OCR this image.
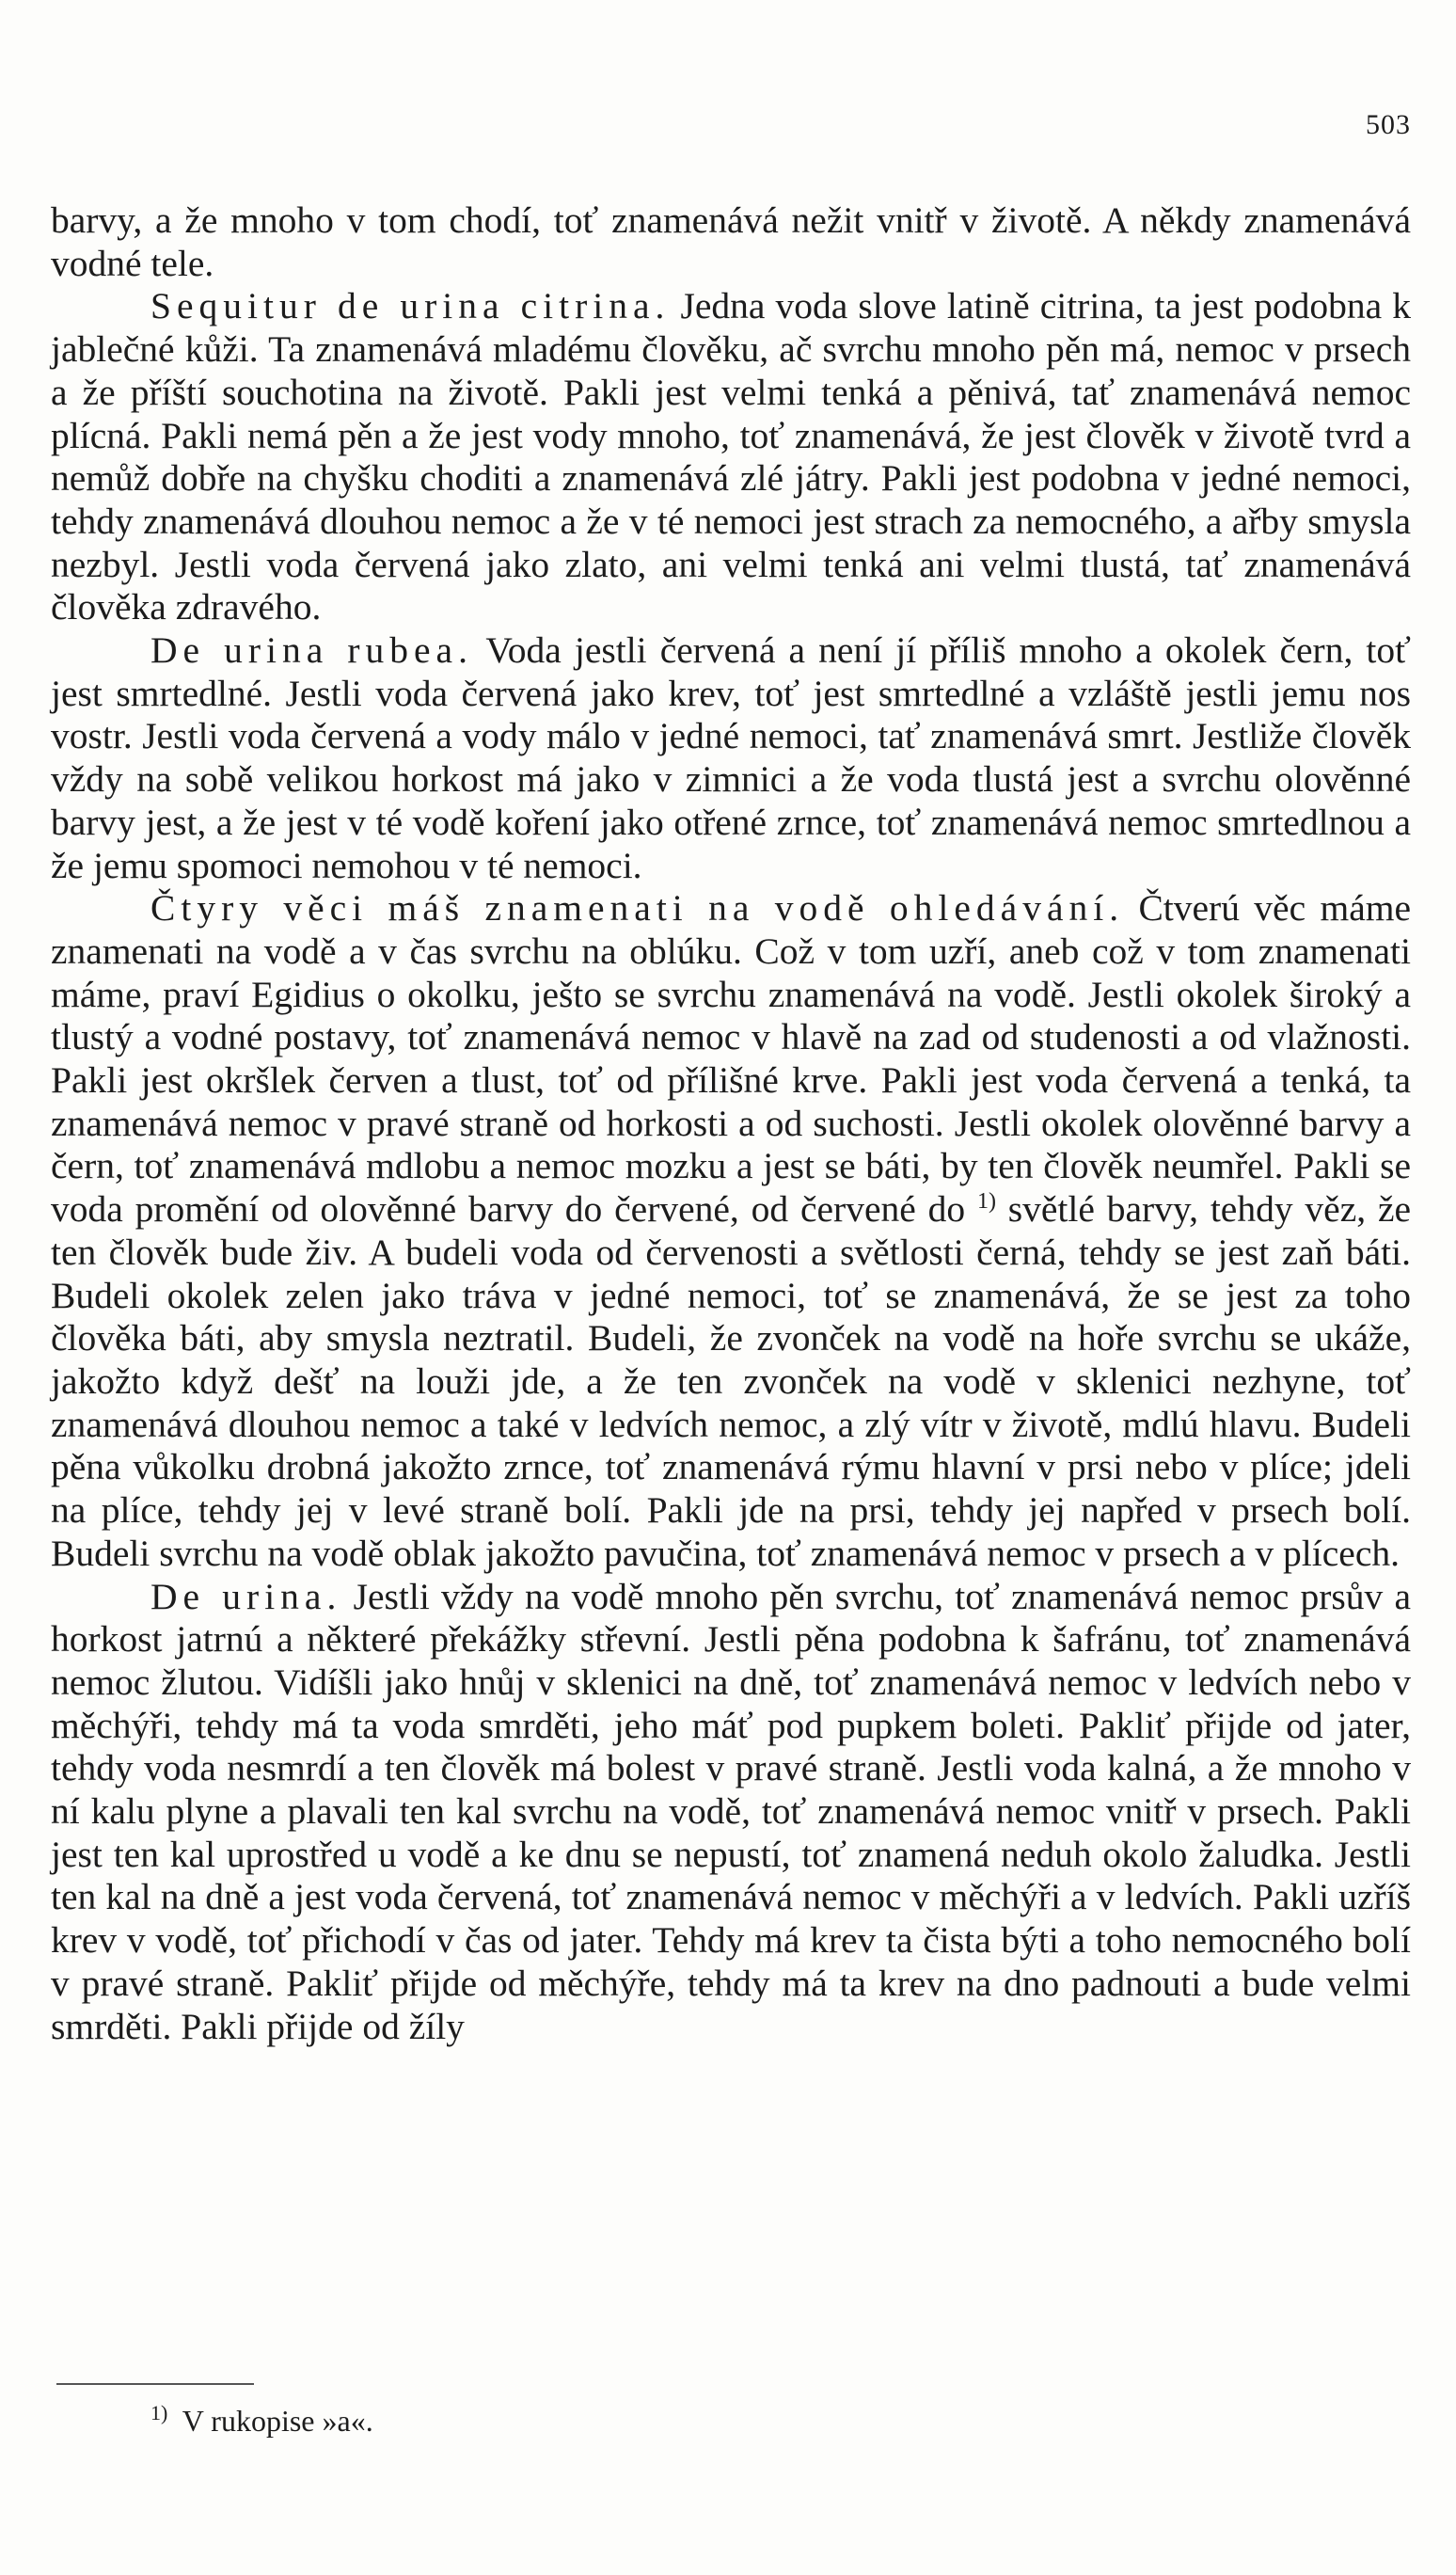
503

barvy, a že mnoho v tom chodí, toť znamenává nežit vnitř v životě. A někdy znamenává vodné tele.

Sequitur de urina citrina. Jedna voda slove latině citrina, ta jest podobna k jablečné kůži. Ta znamenává mladému člověku, ač svrchu mnoho pěn má, nemoc v prsech a že příští souchotina na životě. Pakli jest velmi tenká a pěnivá, tať znamenává nemoc plícná. Pakli nemá pěn a že jest vody mnoho, toť znamenává, že jest člověk v životě tvrd a nemůž dobře na chyšku choditi a znamenává zlé játry. Pakli jest podobna v jedné nemoci, tehdy znamenává dlouhou nemoc a že v té nemoci jest strach za nemocného, a ařby smysla nezbyl. Jestli voda červená jako zlato, ani velmi tenká ani velmi tlustá, tať znamenává člověka zdravého.

De urina rubea. Voda jestli červená a není jí příliš mnoho a okolek čern, toť jest smrtedlné. Jestli voda červená jako krev, toť jest smrtedlné a vzláště jestli jemu nos vostr. Jestli voda červená a vody málo v jedné nemoci, tať znamenává smrt. Jestliže člověk vždy na sobě velikou horkost má jako v zimnici a že voda tlustá jest a svrchu olověnné barvy jest, a že jest v té vodě koření jako otřené zrnce, toť znamenává nemoc smrtedlnou a že jemu spomoci nemohou v té nemoci.

Čtyry věci máš znamenati na vodě ohledávání. Čtverú věc máme znamenati na vodě a v čas svrchu na oblúku. Což v tom uzří, aneb což v tom znamenati máme, praví Egidius o okolku, ješto se svrchu znamenává na vodě. Jestli okolek široký a tlustý a vodné postavy, toť znamenává nemoc v hlavě na zad od studenosti a od vlažnosti. Pakli jest okršlek červen a tlust, toť od přílišné krve. Pakli jest voda červená a tenká, ta znamenává nemoc v pravé straně od horkosti a od suchosti. Jestli okolek olověnné barvy a čern, toť znamenává mdlobu a nemoc mozku a jest se báti, by ten člověk neumřel. Pakli se voda promění od olověnné barvy do červené, od červené do $^{1)}$ světlé barvy, tehdy věz, že ten člověk bude živ. A budeli voda od červenosti a světlosti černá, tehdy se jest zaň báti. Budeli okolek zelen jako tráva v jedné nemoci, toť se znamenává, že se jest za toho člověka báti, aby smysla neztratil. Budeli, že zvonček na vodě na hoře svrchu se ukáže, jakožto když dešť na louži jde, a že ten zvonček na vodě v sklenici nezhyne, toť znamenává dlouhou nemoc a také v ledvích nemoc, a zlý vítr v životě, mdlú hlavu. Budeli pěna vůkolku drobná jakožto zrnce, toť znamenává rýmu hlavní v prsi nebo v plíce; jdeli na plíce, tehdy jej v levé straně bolí. Pakli jde na prsi, tehdy jej napřed v prsech bolí. Budeli svrchu na vodě oblak jakožto pavučina, toť znamenává nemoc v prsech a v plícech.

De urina. Jestli vždy na vodě mnoho pěn svrchu, toť znamenává nemoc prsův a horkost jatrnú a některé překážky střevní. Jestli pěna podobna k šafránu, toť znamenává nemoc žlutou. Vidíšli jako hnůj v sklenici na dně, toť znamenává nemoc v ledvích nebo v měchýři, tehdy má ta voda smrděti, jeho máť pod pupkem boleti. Pakliť přijde od jater, tehdy voda nesmrdí a ten člověk má bolest v pravé straně. Jestli voda kalná, a že mnoho v ní kalu plyne a plavali ten kal svrchu na vodě, toť znamenává nemoc vnitř v prsech. Pakli jest ten kal uprostřed u vodě a ke dnu se nepustí, toť znamená neduh okolo žaludka. Jestli ten kal na dně a jest voda červená, toť znamenává nemoc v měchýři a v ledvích. Pakli uzříš krev v vodě, toť přichodí v čas od jater. Tehdy má krev ta čista býti a toho nemocného bolí v pravé straně. Pakliť přijde od měchýře, tehdy má ta krev na dno padnouti a bude velmi smrděti. Pakli přijde od žíly

$^{1)}$ V rukopise »a«.
